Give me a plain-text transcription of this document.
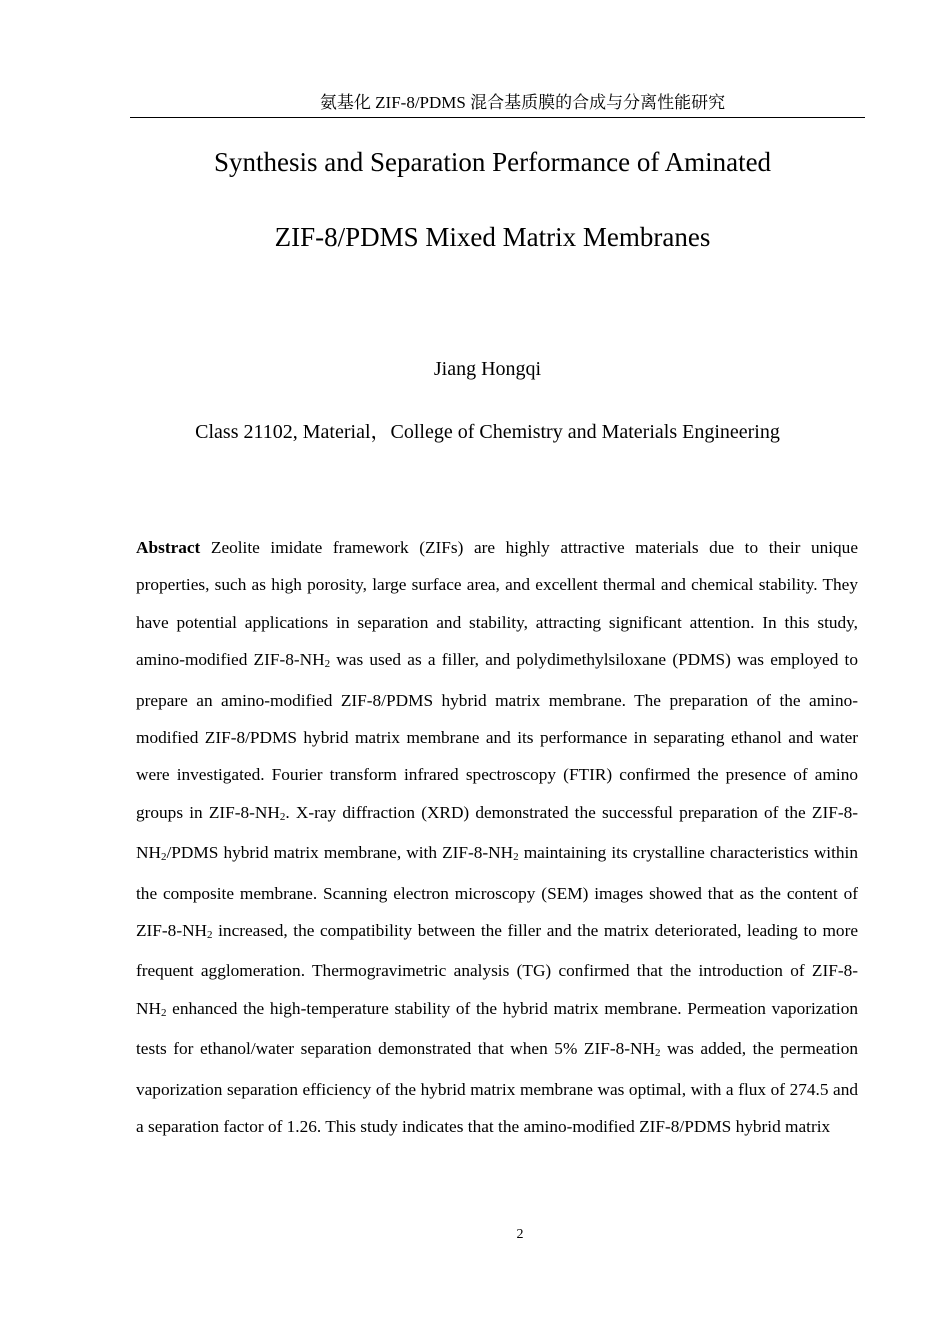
氨基化 ZIF-8/PDMS 混合基质膜的合成与分离性能研究
Synthesis and Separation Performance of Aminated
ZIF-8/PDMS Mixed Matrix Membranes
Jiang Hongqi
Class 21102, Material，College of Chemistry and Materials Engineering
Abstract Zeolite imidate framework (ZIFs) are highly attractive materials due to their unique properties, such as high porosity, large surface area, and excellent thermal and chemical stability. They have potential applications in separation and stability, attracting significant attention. In this study, amino-modified ZIF-$8-NH_2$ was used as a filler, and polydimethylsiloxane (PDMS) was employed to prepare an amino-modified ZIF-8/PDMS hybrid matrix membrane. The preparation of the amino-modified ZIF-8/PDMS hybrid matrix membrane and its performance in separating ethanol and water were investigated. Fourier transform infrared spectroscopy (FTIR) confirmed the presence of amino groups in ZIF-$8-NH_2$. X-ray diffraction (XRD) demonstrated the successful preparation of the ZIF-$8-NH_2$/PDMS hybrid matrix membrane, with ZIF-$8-NH_2$ maintaining its crystalline characteristics within the composite membrane. Scanning electron microscopy (SEM) images showed that as the content of ZIF-$8-NH_2$ increased, the compatibility between the filler and the matrix deteriorated, leading to more frequent agglomeration. Thermogravimetric analysis (TG) confirmed that the introduction of ZIF-$8-NH_2$ enhanced the high-temperature stability of the hybrid matrix membrane. Permeation vaporization tests for ethanol/water separation demonstrated that when 5% ZIF-$8-NH_2$ was added, the permeation vaporization separation efficiency of the hybrid matrix membrane was optimal, with a flux of 274.5 and a separation factor of 1.26. This study indicates that the amino-modified ZIF-8/PDMS hybrid matrix
2
